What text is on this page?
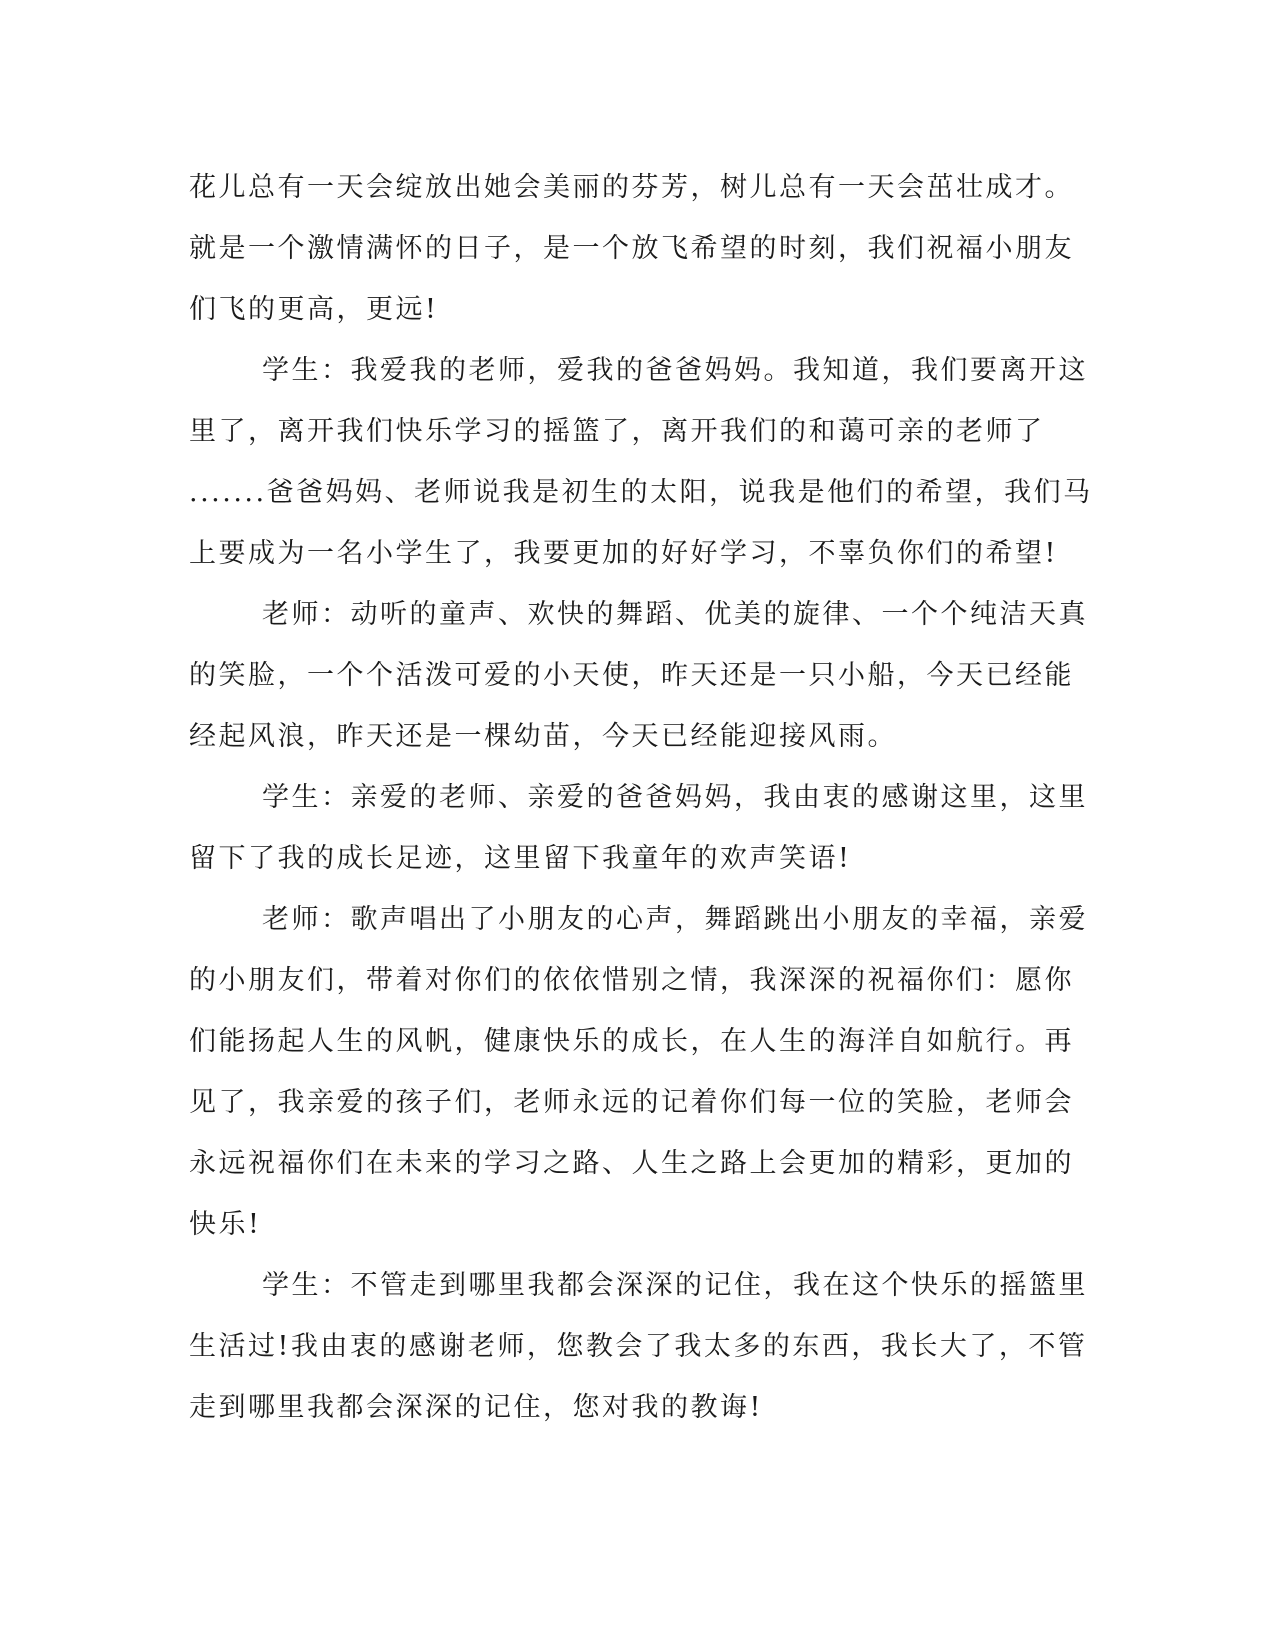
花儿总有一天会绽放出她会美丽的芬芳，树儿总有一天会茁壮成才。
就是一个激情满怀的日子，是一个放飞希望的时刻，我们祝福小朋友
们飞的更高，更远!
学生：我爱我的老师，爱我的爸爸妈妈。我知道，我们要离开这
里了，离开我们快乐学习的摇篮了，离开我们的和蔼可亲的老师了
.......爸爸妈妈、老师说我是初生的太阳，说我是他们的希望，我们马
上要成为一名小学生了，我要更加的好好学习，不辜负你们的希望!
老师：动听的童声、欢快的舞蹈、优美的旋律、一个个纯洁天真
的笑脸，一个个活泼可爱的小天使，昨天还是一只小船，今天已经能
经起风浪，昨天还是一棵幼苗，今天已经能迎接风雨。
学生：亲爱的老师、亲爱的爸爸妈妈，我由衷的感谢这里，这里
留下了我的成长足迹，这里留下我童年的欢声笑语!
老师：歌声唱出了小朋友的心声，舞蹈跳出小朋友的幸福，亲爱
的小朋友们，带着对你们的依依惜别之情，我深深的祝福你们：愿你
们能扬起人生的风帆，健康快乐的成长，在人生的海洋自如航行。再
见了，我亲爱的孩子们，老师永远的记着你们每一位的笑脸，老师会
永远祝福你们在未来的学习之路、人生之路上会更加的精彩，更加的
快乐!
学生：不管走到哪里我都会深深的记住，我在这个快乐的摇篮里
生活过!我由衷的感谢老师，您教会了我太多的东西，我长大了，不管
走到哪里我都会深深的记住，您对我的教诲!
